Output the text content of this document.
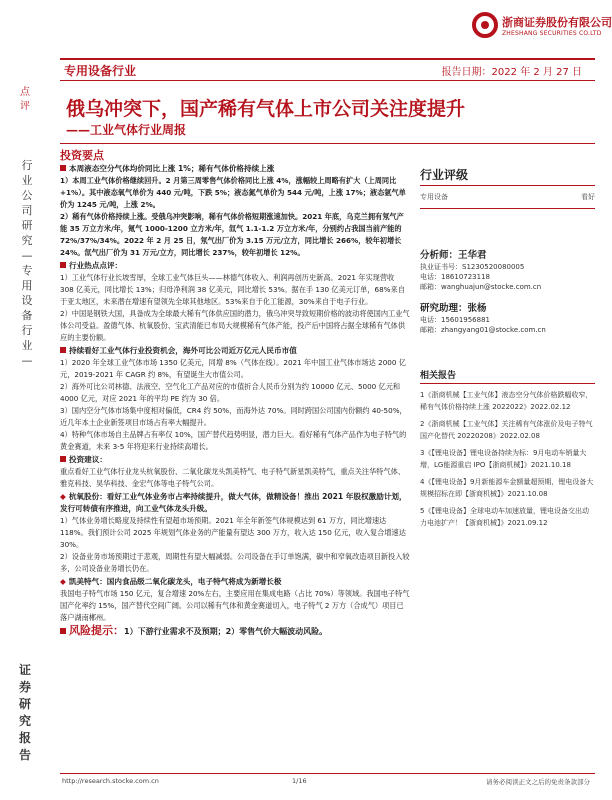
浙商证券股份有限公司
ZHESHANG SECURITIES CO.LTD
专用设备行业	报告日期：2022 年 2 月 27 日
点评
行业公司研究—专用设备行业—
证券研究报告
俄乌冲突下，国产稀有气体上市公司关注度提升
——工业气体行业周报
投资要点
本周液态空分气体均价同比上涨 1%；稀有气体价格持续上涨

1）本周工业气体价格继续回升。2 月第三周零售气体价格同比上涨 4%，涨幅较上周略有扩大（上周同比+1%）。其中液态氧气单价为 440 元/吨，下跌 5%；液态氮气单价为 544 元/吨，上涨 17%；液态氩气单价为 1245 元/吨，上涨 2%。

2）稀有气体价格持续上涨。受俄乌冲突影响，稀有气体价格短期涨速加快。2021 年底，乌克兰拥有氖气产能 35 万立方米/年，氪气 1000-1200 立方米/年，氙气 1.1-1.2 万立方米/年，分别约占我国当前产能的 72%/37%/34%。2022 年 2 月 25 日，氖气出厂价为 3.15 万元/立方，同比增长 266%，较年初增长 24%。氙气出厂价为 31 万元/立方，同比增长 237%，较年初增长 12%。

行业热点点评：

1）工业气体行业长坡雪厚，全球工业气体巨头——林德气体收入、利润再创历史新高。2021 年实现营收 308 亿美元，同比增长 13%；归母净利润 38 亿美元，同比增长 53%。据在手 130 亿美元订单，68%来自于亚太地区，未来潜在增速有望领先全球其他地区。53%来自于化工能源，30%来自于电子行业。

2）中国是钢铁大国，具备成为全球最大稀有气体供应国的潜力，俄乌冲突导致短期价格的波动将使国内工业气体公司受益。盈德气体、杭氧股份、宝武清能已布局大规模稀有气体产能，投产后中国将占据全球稀有气体供应的主要份额。

持续看好工业气体行业投资机会，海外可比公司近万亿元人民币市值

1）2020 年全球工业气体市场 1350 亿美元，同增 8%（气体在线）。2021 年中国工业气体市场达 2000 亿元，2019-2021 年 CAGR 约 8%，有望诞生大市值公司。

2）海外可比公司林德、法液空、空气化工产品对应的市值折合人民币分别为约 10000 亿元、5000 亿元和 4000 亿元，对应 2021 年的平均 PE 约为 30 倍。

3）国内空分气体市场集中度相对偏低，CR4 约 50%，而海外达 70%。同时跨国公司国内份额约 40-50%，近几年本土企业新签项目市场占有率大幅提升。

4）特种气体市场自主品牌占有率仅 10%，国产替代趋势明显，潜力巨大。看好稀有气体产品作为电子特气的黄金赛道，未来 3-5 年将迎来行业持续高增长。

投资建议：

重点看好工业气体行业龙头杭氧股份、二氧化碳龙头凯美特气、电子特气新星凯美特气，重点关注华特气体、雅克科技、昊华科技、金宏气体等电子特气公司。

◆ 杭氧股份：看好工业气体业务市占率持续提升，做大气体，做精设备！推出 2021 年股权激励计划，发行可转债有序推进，向工业气体龙头升级。

1）气体业务增长略度及持续性有望超市场预期。2021 年全年新签气体规模达到 61 万方，同比增速达 118%。我们预计公司 2025 年规划气体业务的产能量有望达 300 万方，收入达 150 亿元，收入复合增速达 30%。

2）设备业务市场预期过于悲观，周期性有望大幅减弱。公司设备在手订单饱满，碳中和窄氧改造项目新投入较多，公司设备业务增长仍在。

◆ 凯美特气：国内食品级二氧化碳龙头，电子特气将成为新增长极

我国电子特气市场 150 亿元，复合增速 20%左右，主要应用在集成电路（占比 70%）等领域。我国电子特气国产化率约 15%，国产替代空间广阔。公司以稀有气体和黄金赛道切入，电子特气 2 万方（合成气）项目已落户湖南郴州。

风险提示：1）下游行业需求不及预期；2）零售气价大幅波动风险。
行业评级
专用设备	看好
分析师：王华君
执业证书号：S1230520080005
电话：18610723118
邮箱：wanghuajun@stocke.com.cn
研究助理：张杨
电话：15601956881
邮箱：zhangyang01@stocke.com.cn
相关报告
1《浙商机械【工业气体】液态空分气体价格跌幅收窄，稀有气体价格持续上涨 2022022》2022.02.12
2《浙商机械【工业气体】关注稀有气体涨价及电子特气国产化替代 20220208》2022.02.08
3《【锂电设备】锂电设备持续为标：9月电动车销量大增，LG能源重启 IPO【浙商机械】》2021.10.18
4《【锂电设备】9月新能源车金额量超预期，锂电设备大规模招标在即【浙商机械】》2021.10.08
5《【锂电设备】全球电动车加速放量，锂电设备交出动力电池扩产！【浙商机械】》2021.09.12
http://research.stocke.com.cn	1/16	请务必阅读正文之后的免责条款部分
